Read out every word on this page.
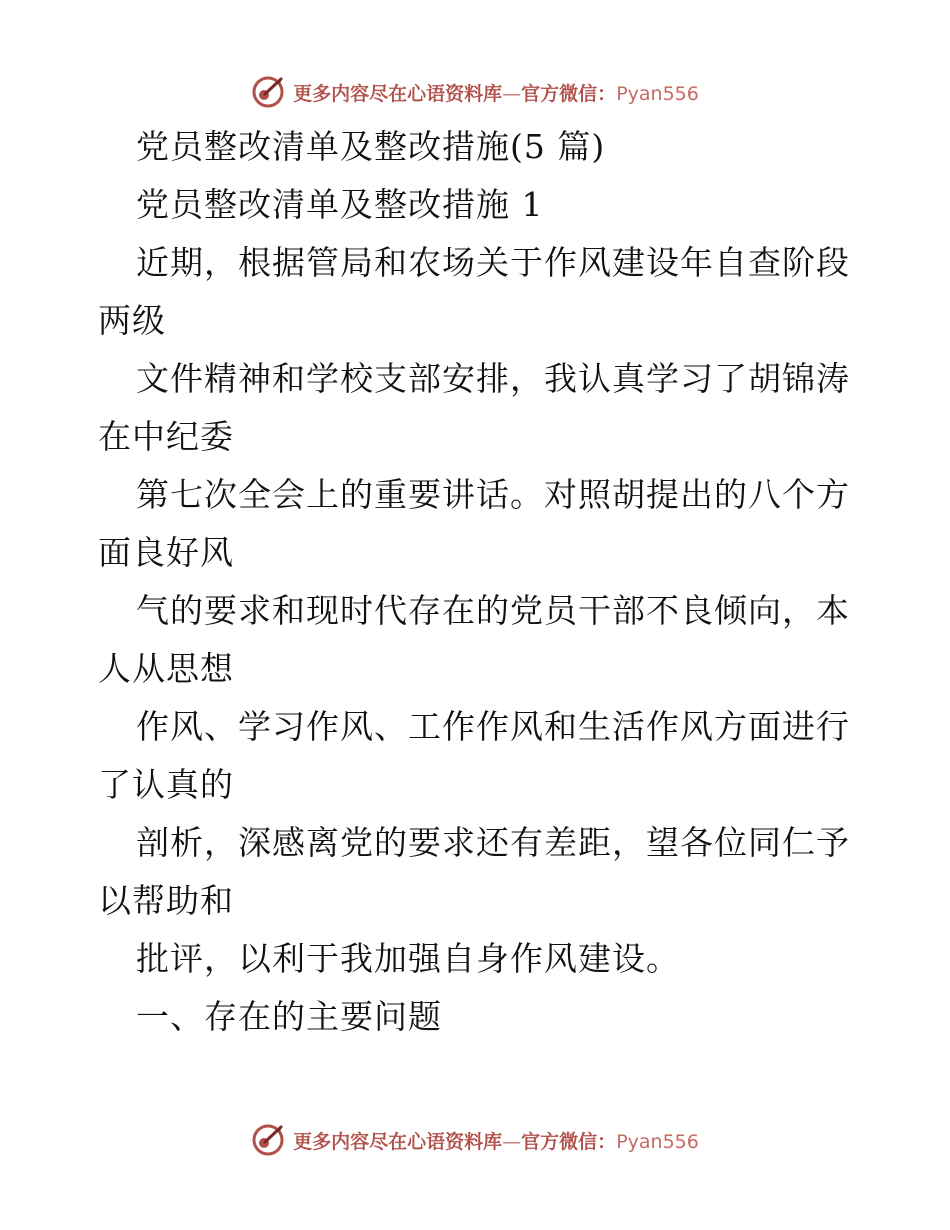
更多内容尽在心语资料库—官方微信：Pyan556
党员整改清单及整改措施(5 篇)
党员整改清单及整改措施 1
近期，根据管局和农场关于作风建设年自查阶段
两级
文件精神和学校支部安排，我认真学习了胡锦涛
在中纪委
第七次全会上的重要讲话。对照胡提出的八个方
面良好风
气的要求和现时代存在的党员干部不良倾向，本
人从思想
作风、学习作风、工作作风和生活作风方面进行
了认真的
剖析，深感离党的要求还有差距，望各位同仁予
以帮助和
批评，以利于我加强自身作风建设。
一、存在的主要问题
更多内容尽在心语资料库—官方微信：Pyan556
